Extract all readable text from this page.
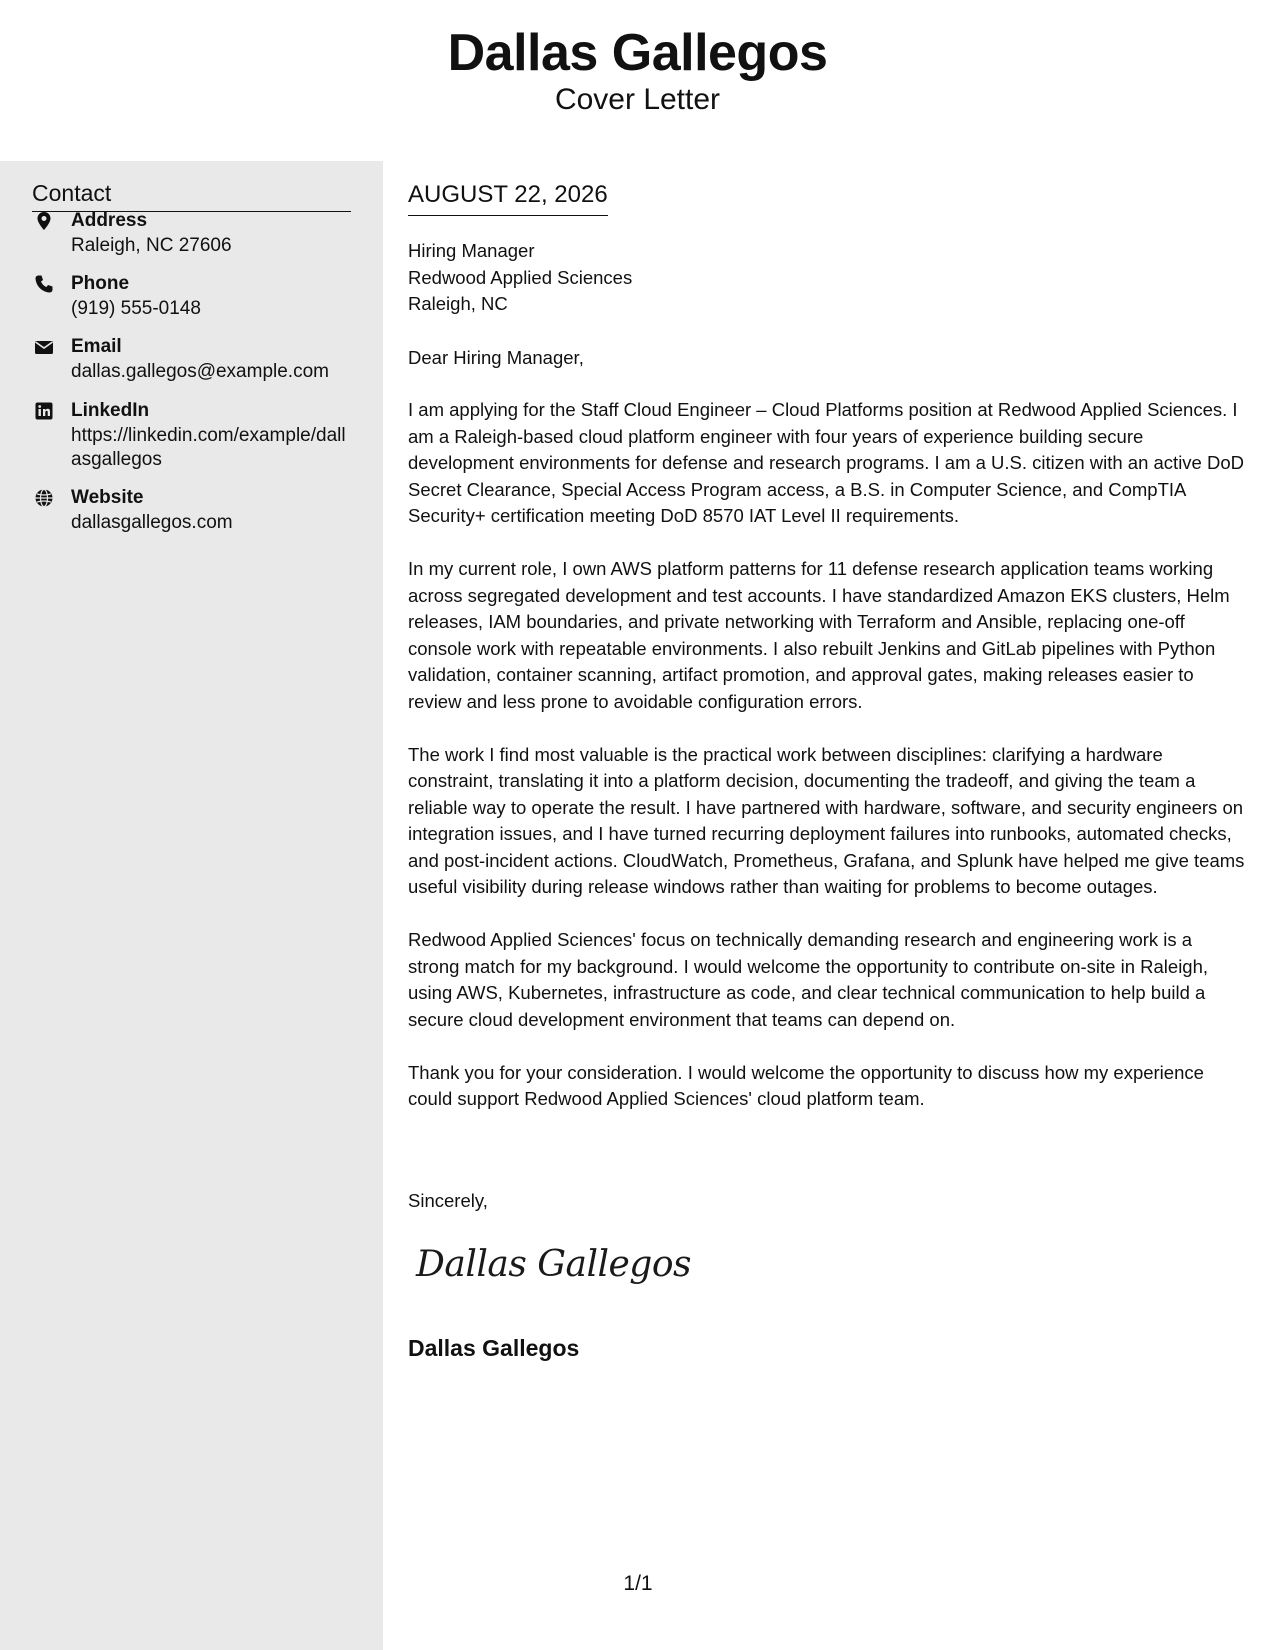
Dallas Gallegos
Cover Letter
Contact
Address
Raleigh, NC 27606
Phone
(919) 555-0148
Email
dallas.gallegos@example.com
LinkedIn
https://linkedin.com/example/dallasgallegos
Website
dallasgallegos.com
AUGUST 22, 2026
Hiring Manager
Redwood Applied Sciences
Raleigh, NC
Dear Hiring Manager,

I am applying for the Staff Cloud Engineer – Cloud Platforms position at Redwood Applied Sciences. I am a Raleigh-based cloud platform engineer with four years of experience building secure development environments for defense and research programs. I am a U.S. citizen with an active DoD Secret Clearance, Special Access Program access, a B.S. in Computer Science, and CompTIA Security+ certification meeting DoD 8570 IAT Level II requirements.

In my current role, I own AWS platform patterns for 11 defense research application teams working across segregated development and test accounts. I have standardized Amazon EKS clusters, Helm releases, IAM boundaries, and private networking with Terraform and Ansible, replacing one-off console work with repeatable environments. I also rebuilt Jenkins and GitLab pipelines with Python validation, container scanning, artifact promotion, and approval gates, making releases easier to review and less prone to avoidable configuration errors.

The work I find most valuable is the practical work between disciplines: clarifying a hardware constraint, translating it into a platform decision, documenting the tradeoff, and giving the team a reliable way to operate the result. I have partnered with hardware, software, and security engineers on integration issues, and I have turned recurring deployment failures into runbooks, automated checks, and post-incident actions. CloudWatch, Prometheus, Grafana, and Splunk have helped me give teams useful visibility during release windows rather than waiting for problems to become outages.

Redwood Applied Sciences' focus on technically demanding research and engineering work is a strong match for my background. I would welcome the opportunity to contribute on-site in Raleigh, using AWS, Kubernetes, infrastructure as code, and clear technical communication to help build a secure cloud development environment that teams can depend on.

Thank you for your consideration. I would welcome the opportunity to discuss how my experience could support Redwood Applied Sciences' cloud platform team.

Sincerely,
Dallas Gallegos
Dallas Gallegos
1/1
